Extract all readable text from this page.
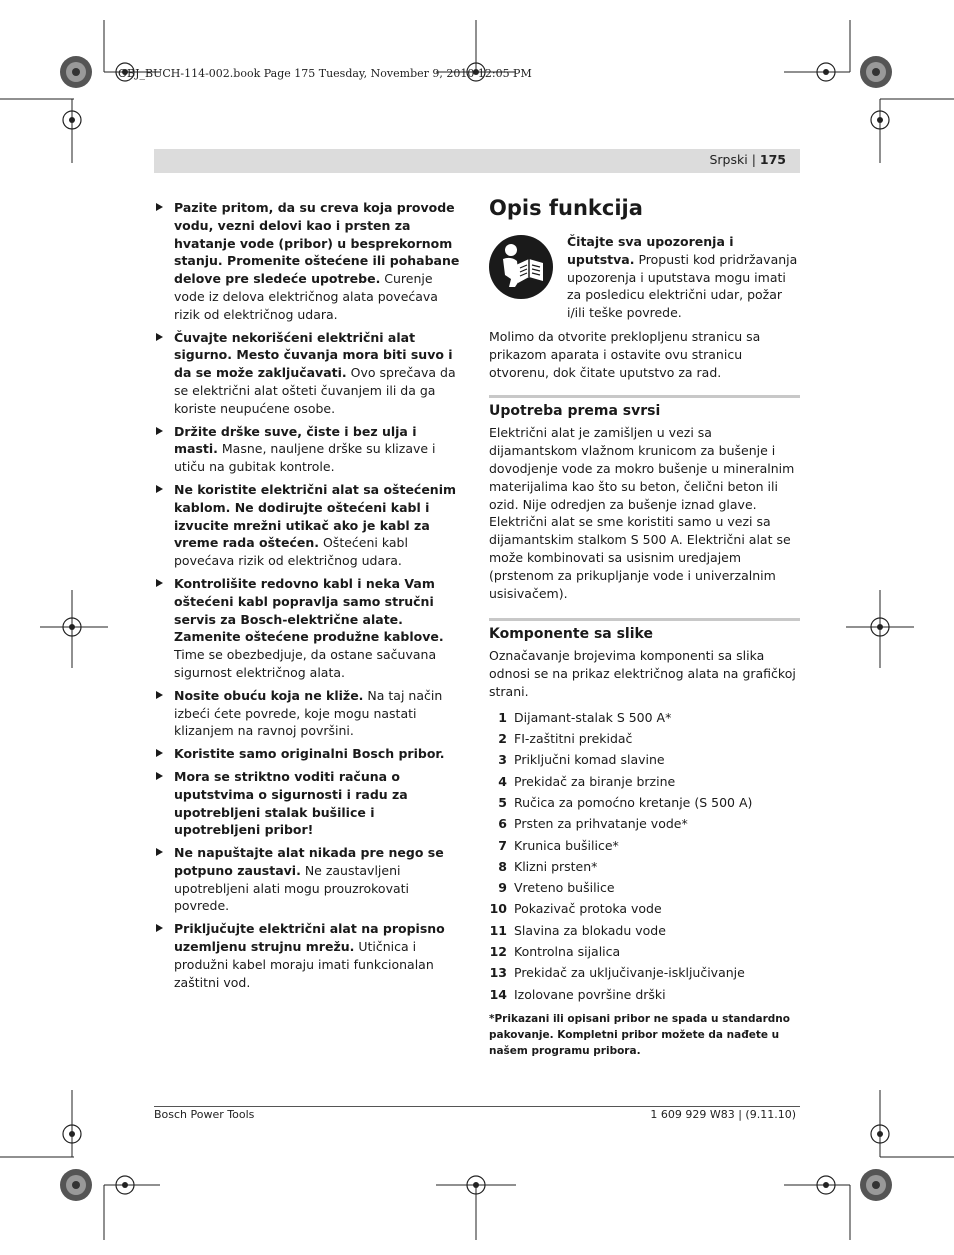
OBJ_BUCH-114-002.book Page 175 Tuesday, November 9, 2010 12:05 PM
Srpski | 175
Pazite pritom, da su creva koja provode vodu, vezni delovi kao i prsten za hvatanje vode (pribor) u besprekornom stanju. Promenite oštećene ili pohabane delove pre sledeće upotrebe. Curenje vode iz delova električnog alata povećava rizik od električnog udara.
Čuvajte nekorišćeni električni alat sigurno. Mesto čuvanja mora biti suvo i da se može zaključavati. Ovo sprečava da se električni alat ošteti čuvanjem ili da ga koriste neupućene osobe.
Držite drške suve, čiste i bez ulja i masti. Masne, nauljene drške su klizave i utiču na gubitak kontrole.
Ne koristite električni alat sa oštećenim kablom. Ne dodirujte oštećeni kabl i izvucite mrežni utikač ako je kabl za vreme rada oštećen. Oštećeni kabl povećava rizik od električnog udara.
Kontrolišite redovno kabl i neka Vam oštećeni kabl popravlja samo stručni servis za Bosch-električne alate. Zamenite oštećene produžne kablove. Time se obezbedjuje, da ostane sačuvana sigurnost električnog alata.
Nosite obuću koja ne kliže. Na taj način izbeći ćete povrede, koje mogu nastati klizanjem na ravnoj površini.
Koristite samo originalni Bosch pribor.
Mora se striktno voditi računa o uputstvima o sigurnosti i radu za upotrebljeni stalak bušilice i upotrebljeni pribor!
Ne napuštajte alat nikada pre nego se potpuno zaustavi. Ne zaustavljeni upotrebljeni alati mogu prouzrokovati povrede.
Priključujte električni alat na propisno uzemljenu strujnu mrežu. Utičnica i produžni kabel moraju imati funkcionalan zaštitni vod.
Opis funkcija
Čitajte sva upozorenja i uputstva. Propusti kod pridržavanja upozorenja i uputstava mogu imati za posledicu električni udar, požar i/ili teške povrede.

Molimo da otvorite preklopljenu stranicu sa prikazom aparata i ostavite ovu stranicu otvorenu, dok čitate uputstvo za rad.

Upotreba prema svrsi

Električni alat je zamišljen u vezi sa dijamantskom vlažnom krunicom za bušenje i dovodjenje vode za mokro bušenje u mineralnim materijalima kao što su beton, čelični beton ili ozid. Nije odredjen za bušenje iznad glave. Električni alat se sme koristiti samo u vezi sa dijamantskim stalkom S 500 A. Električni alat se može kombinovati sa usisnim uredjajem (prstenom za prikupljanje vode i univerzalnim usisivačem).

Komponente sa slike

Označavanje brojevima komponenti sa slika odnosi se na prikaz električnog alata na grafičkoj strani.

1 Dijamant-stalak S 500 A*
2 FI-zaštitni prekidač
3 Priključni komad slavine
4 Prekidač za biranje brzine
5 Ručica za pomoćno kretanje (S 500 A)
6 Prsten za prihvatanje vode*
7 Krunica bušilice*
8 Klizni prsten*
9 Vreteno bušilice
10 Pokazivač protoka vode
11 Slavina za blokadu vode
12 Kontrolna sijalica
13 Prekidač za uključivanje-isključivanje
14 Izolovane površine drški
*Prikazani ili opisani pribor ne spada u standardno pakovanje. Kompletni pribor možete da nađete u našem programu pribora.
Bosch Power Tools	1 609 929 W83 | (9.11.10)
